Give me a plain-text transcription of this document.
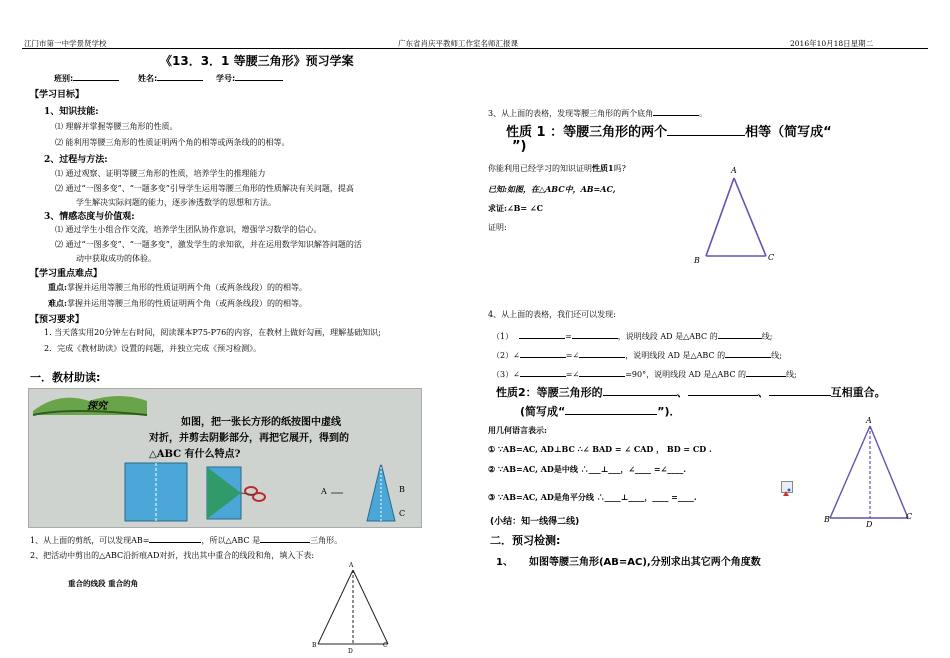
江门市第一中学景贤学校	广东省肖庆平教师工作室名师汇报课	2016年10月18日星期二
《13．3．1 等腰三角形》预习学案
班别:	姓名:	学号:
【学习目标】
1、知识技能:
⑴ 理解并掌握等腰三角形的性质。
⑵ 能利用等腰三角形的性质证明两个角的相等或两条线的的相等。
2、过程与方法:
⑴ 通过观察、证明等腰三角形的性质，培养学生的推理能力
⑵ 通过“一图多变”、“一题多变”引导学生运用等腰三角形的性质解决有关问题，提高
学生解决实际问题的能力，逐步渗透数学的思想和方法。
3、情感态度与价值观:
⑴ 通过学生小组合作交流，培养学生团队协作意识，增强学习数学的信心。
⑵ 通过“一图多变”、“一题多变”，激发学生的求知欲，并在运用数学知识解答问题的活
动中获取成功的体验。
【学习重点难点】
重点:掌握并运用等腰三角形的性质证明两个角（或两条线段）的的相等。
难点:掌握并运用等腰三角形的性质证明两个角（或两条线段）的的相等。
【预习要求】
1. 当天落实用20分钟左右时间，阅读课本P75-P76的内容，在教材上做好勾画，理解基础知识;
2．完成《教材助读》设置的问题，并独立完成《预习检测》。
一．教材助读:
探究
如图，把一张长方形的纸按图中虚线
对折，并剪去阴影部分，再把它展开，得到的
△ABC 有什么特点?
A	B
C
1、从上面的剪纸，可以发现AB=	，所以△ABC 是	三角形。
2、把活动中剪出的△ABC沿折痕AD对折，找出其中重合的线段和角，填入下表:
重合的线段 重合的角
A
B	C
D
3、从上面的表格，发现等腰三角形的两个底角	。
性质 1 ：等腰三角形的两个	相等（简写成“
”)
你能利用已经学习的知识证明性质1吗?
已知:如图，在△ABC中，AB=AC,
求证:∠B= ∠C
证明:
A
B	C
4、从上面的表格，我们还可以发现:
（1）	=	，说明线段 AD 是△ABC 的	线;
（2）∠	=∠	，说明线段 AD 是△ABC 的	线;
（3）∠	=∠	=90°，说明线段 AD 是△ABC 的	线;
性质2：等腰三角形的	、	、	互相重合。
(简写成“	”)．
用几何语言表示:
① ∵AB=AC, AD⊥BC ∴∠ BAD = ∠ CAD ， BD = CD .
② ∵AB=AC, AD是中线 ∴___⊥___，∠____ =∠____.
③ ∵AB=AC, AD是角平分线 ∴____⊥____，____ =____.
A
B	C
D
(小结：知一线得二线)
二．预习检测:
1、 如图等腰三角形(AB=AC),分别求出其它两个角度数
